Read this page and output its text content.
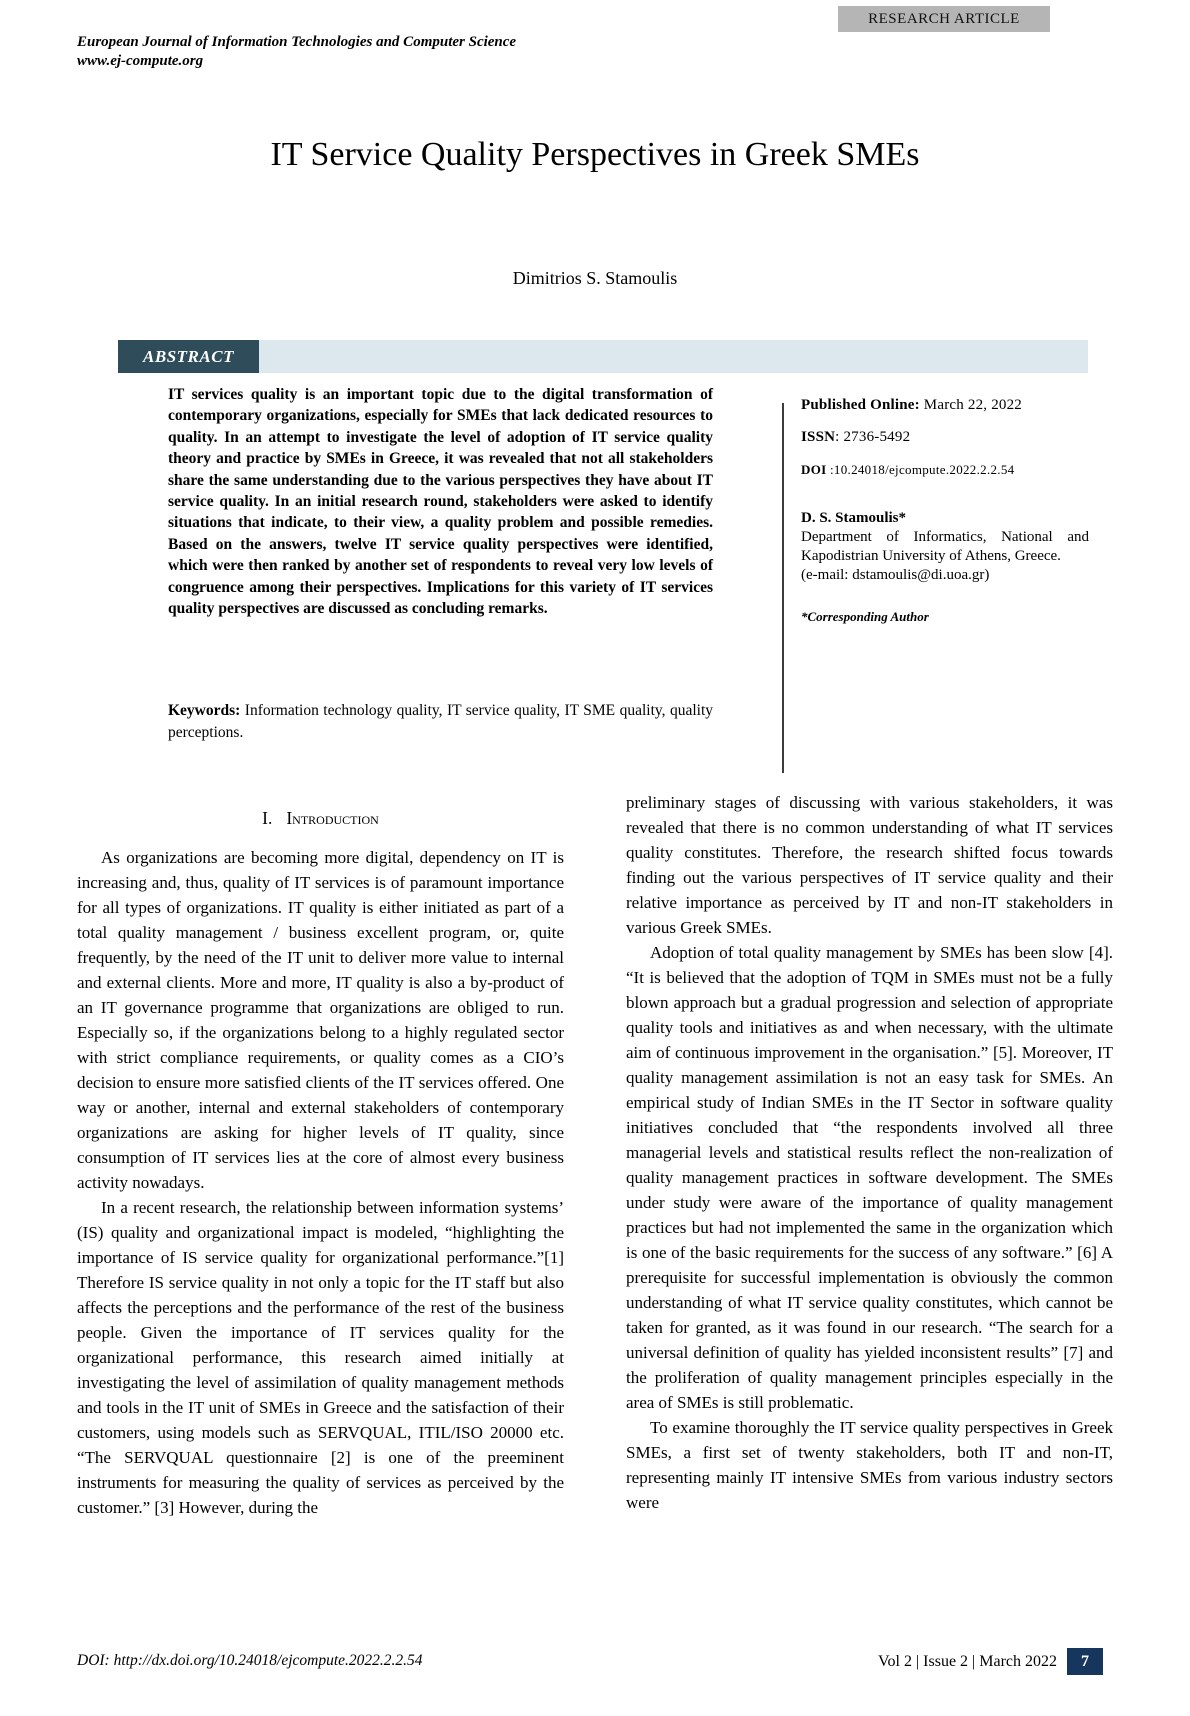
RESEARCH ARTICLE
European Journal of Information Technologies and Computer Science
www.ej-compute.org
IT Service Quality Perspectives in Greek SMEs
Dimitrios S. Stamoulis
ABSTRACT
IT services quality is an important topic due to the digital transformation of contemporary organizations, especially for SMEs that lack dedicated resources to quality. In an attempt to investigate the level of adoption of IT service quality theory and practice by SMEs in Greece, it was revealed that not all stakeholders share the same understanding due to the various perspectives they have about IT service quality. In an initial research round, stakeholders were asked to identify situations that indicate, to their view, a quality problem and possible remedies. Based on the answers, twelve IT service quality perspectives were identified, which were then ranked by another set of respondents to reveal very low levels of congruence among their perspectives. Implications for this variety of IT services quality perspectives are discussed as concluding remarks.
Keywords: Information technology quality, IT service quality, IT SME quality, quality perceptions.
Published Online: March 22, 2022
ISSN: 2736-5492
DOI :10.24018/ejcompute.2022.2.2.54
D. S. Stamoulis*
Department of Informatics, National and Kapodistrian University of Athens, Greece.
(e-mail: dstamoulis@di.uoa.gr)
*Corresponding Author
I. Introduction

As organizations are becoming more digital, dependency on IT is increasing and, thus, quality of IT services is of paramount importance for all types of organizations. IT quality is either initiated as part of a total quality management / business excellent program, or, quite frequently, by the need of the IT unit to deliver more value to internal and external clients. More and more, IT quality is also a by-product of an IT governance programme that organizations are obliged to run. Especially so, if the organizations belong to a highly regulated sector with strict compliance requirements, or quality comes as a CIO’s decision to ensure more satisfied clients of the IT services offered. One way or another, internal and external stakeholders of contemporary organizations are asking for higher levels of IT quality, since consumption of IT services lies at the core of almost every business activity nowadays.

In a recent research, the relationship between information systems’ (IS) quality and organizational impact is modeled, “highlighting the importance of IS service quality for organizational performance.”[1] Therefore IS service quality in not only a topic for the IT staff but also affects the perceptions and the performance of the rest of the business people. Given the importance of IT services quality for the organizational performance, this research aimed initially at investigating the level of assimilation of quality management methods and tools in the IT unit of SMEs in Greece and the satisfaction of their customers, using models such as SERVQUAL, ITIL/ISO 20000 etc. “The SERVQUAL questionnaire [2] is one of the preeminent instruments for measuring the quality of services as perceived by the customer.” [3] However, during the

preliminary stages of discussing with various stakeholders, it was revealed that there is no common understanding of what IT services quality constitutes. Therefore, the research shifted focus towards finding out the various perspectives of IT service quality and their relative importance as perceived by IT and non-IT stakeholders in various Greek SMEs.

Adoption of total quality management by SMEs has been slow [4]. “It is believed that the adoption of TQM in SMEs must not be a fully blown approach but a gradual progression and selection of appropriate quality tools and initiatives as and when necessary, with the ultimate aim of continuous improvement in the organisation.” [5]. Moreover, IT quality management assimilation is not an easy task for SMEs. An empirical study of Indian SMEs in the IT Sector in software quality initiatives concluded that “the respondents involved all three managerial levels and statistical results reflect the non-realization of quality management practices in software development. The SMEs under study were aware of the importance of quality management practices but had not implemented the same in the organization which is one of the basic requirements for the success of any software.” [6] A prerequisite for successful implementation is obviously the common understanding of what IT service quality constitutes, which cannot be taken for granted, as it was found in our research. “The search for a universal definition of quality has yielded inconsistent results” [7] and the proliferation of quality management principles especially in the area of SMEs is still problematic.

To examine thoroughly the IT service quality perspectives in Greek SMEs, a first set of twenty stakeholders, both IT and non-IT, representing mainly IT intensive SMEs from various industry sectors were

DOI: http://dx.doi.org/10.24018/ejcompute.2022.2.2.54	Vol 2 | Issue 2 | March 2022	7
